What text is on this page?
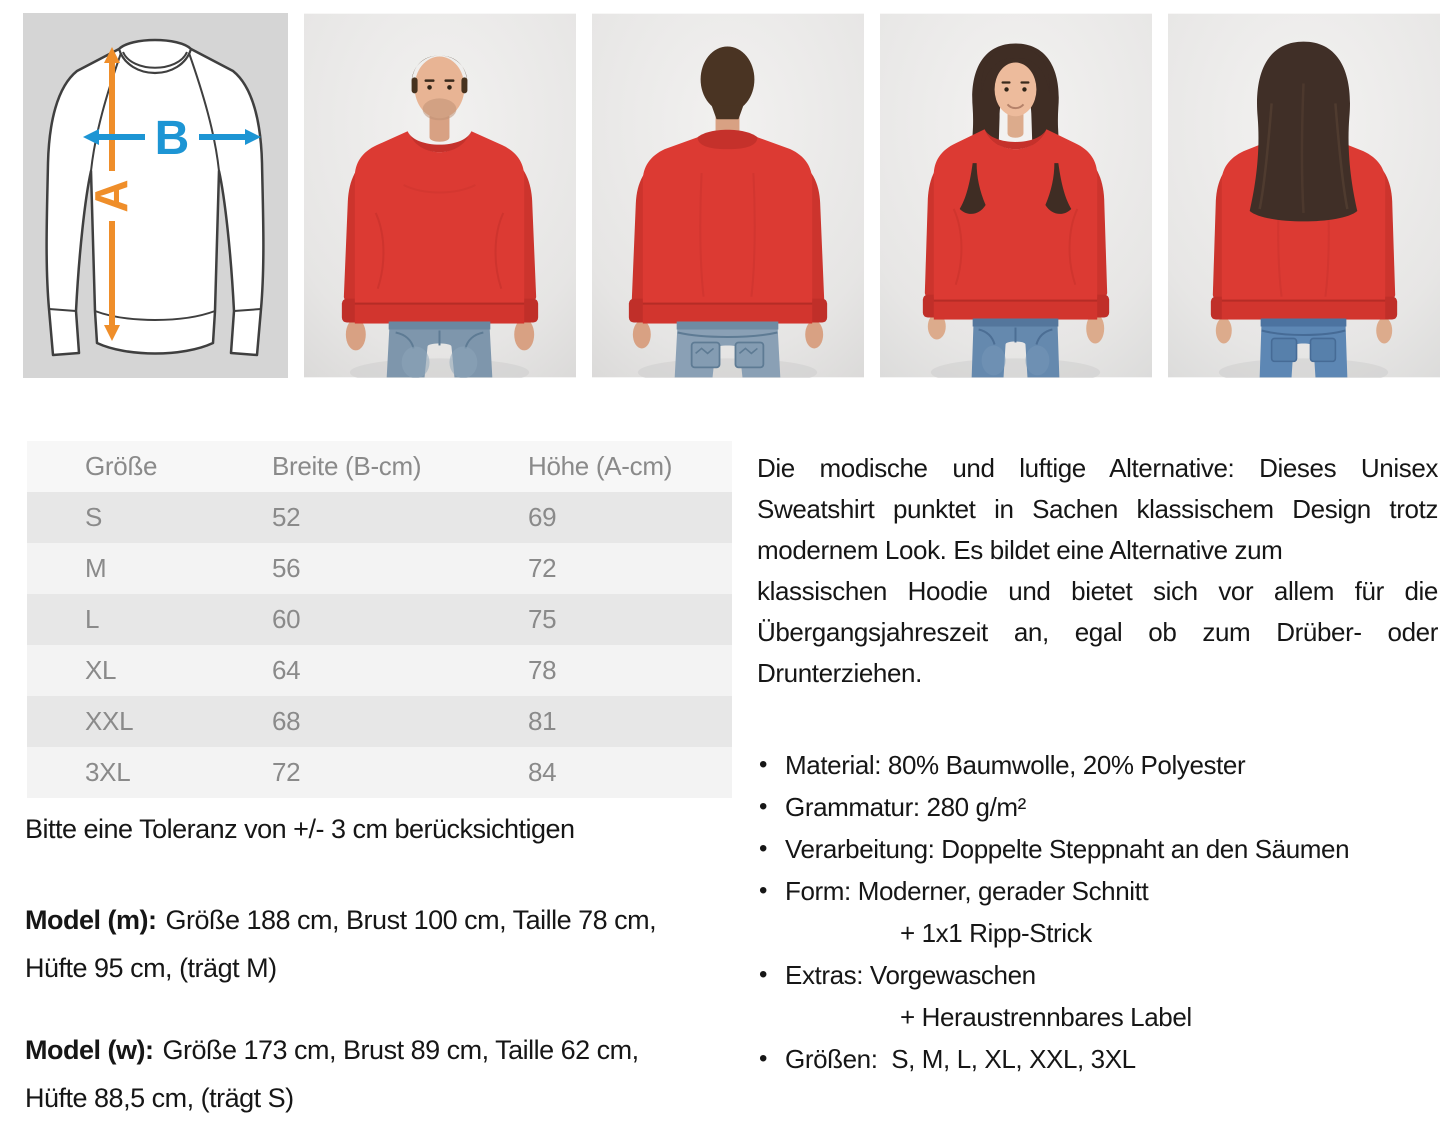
A
B
Größe	Breite (B-cm)	Höhe (A-cm)
S	52	69
M	56	72
L	60	75
XL	64	78
XXL	68	81
3XL	72	84
Bitte eine Toleranz von +/- 3 cm berücksichtigen
Model (m): Größe 188 cm, Brust 100 cm, Taille 78 cm,
Hüfte 95 cm, (trägt M)
Model (w): Größe 173 cm, Brust 89 cm, Taille 62 cm,
Hüfte 88,5 cm, (trägt S)
Die modische und luftige Alternative: Dieses Unisex
Sweatshirt punktet in Sachen klassischem Design trotz
modernem Look. Es bildet eine Alternative zum
klassischen Hoodie und bietet sich vor allem für die
Übergangsjahreszeit an, egal ob zum Drüber- oder
Drunterziehen.
• Material: 80% Baumwolle, 20% Polyester
• Grammatur: 280 g/m²
• Verarbeitung: Doppelte Steppnaht an den Säumen
• Form: Moderner, gerader Schnitt
+ 1x1 Ripp-Strick
• Extras: Vorgewaschen
+ Heraustrennbares Label
• Größen:  S, M, L, XL, XXL, 3XL
